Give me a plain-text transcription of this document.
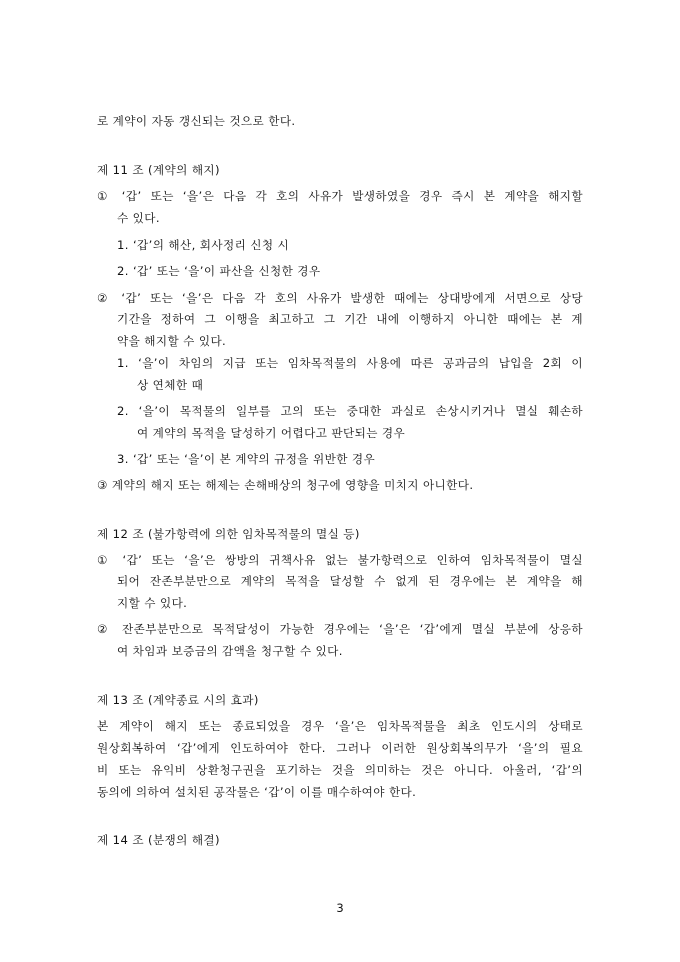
로 계약이 자동 갱신되는 것으로 한다.
제 11 조 (계약의 해지)
① ‘갑’ 또는 ‘을’은 다음 각 호의 사유가 발생하였을 경우 즉시 본 계약을 해지할
수 있다.
1. ‘갑’의 해산, 회사정리 신청 시
2. ‘갑’ 또는 ‘을’이 파산을 신청한 경우
② ‘갑’ 또는 ‘을’은 다음 각 호의 사유가 발생한 때에는 상대방에게 서면으로 상당
기간을 정하여 그 이행을 최고하고 그 기간 내에 이행하지 아니한 때에는 본 계
약을 해지할 수 있다.
1. ‘을’이 차임의 지급 또는 임차목적물의 사용에 따른 공과금의 납입을 2회 이
상 연체한 때
2. ‘을’이 목적물의 일부를 고의 또는 중대한 과실로 손상시키거나 멸실 훼손하
여 계약의 목적을 달성하기 어렵다고 판단되는 경우
3. ‘갑’ 또는 ‘을’이 본 계약의 규정을 위반한 경우
③ 계약의 해지 또는 해제는 손해배상의 청구에 영향을 미치지 아니한다.
제 12 조 (불가항력에 의한 임차목적물의 멸실 등)
① ‘갑’ 또는 ‘을’은 쌍방의 귀책사유 없는 불가항력으로 인하여 임차목적물이 멸실
되어 잔존부분만으로 계약의 목적을 달성할 수 없게 된 경우에는 본 계약을 해
지할 수 있다.
② 잔존부분만으로 목적달성이 가능한 경우에는 ‘을’은 ‘갑’에게 멸실 부분에 상응하
여 차임과 보증금의 감액을 청구할 수 있다.
제 13 조 (계약종료 시의 효과)
본 계약이 해지 또는 종료되었을 경우 ‘을’은 임차목적물을 최초 인도시의 상태로
원상회복하여 ‘갑’에게 인도하여야 한다. 그러나 이러한 원상회복의무가 ‘을’의 필요
비 또는 유익비 상환청구권을 포기하는 것을 의미하는 것은 아니다. 아울러, ‘갑’의
동의에 의하여 설치된 공작물은 ‘갑’이 이를 매수하여야 한다.
제 14 조 (분쟁의 해결)
3
